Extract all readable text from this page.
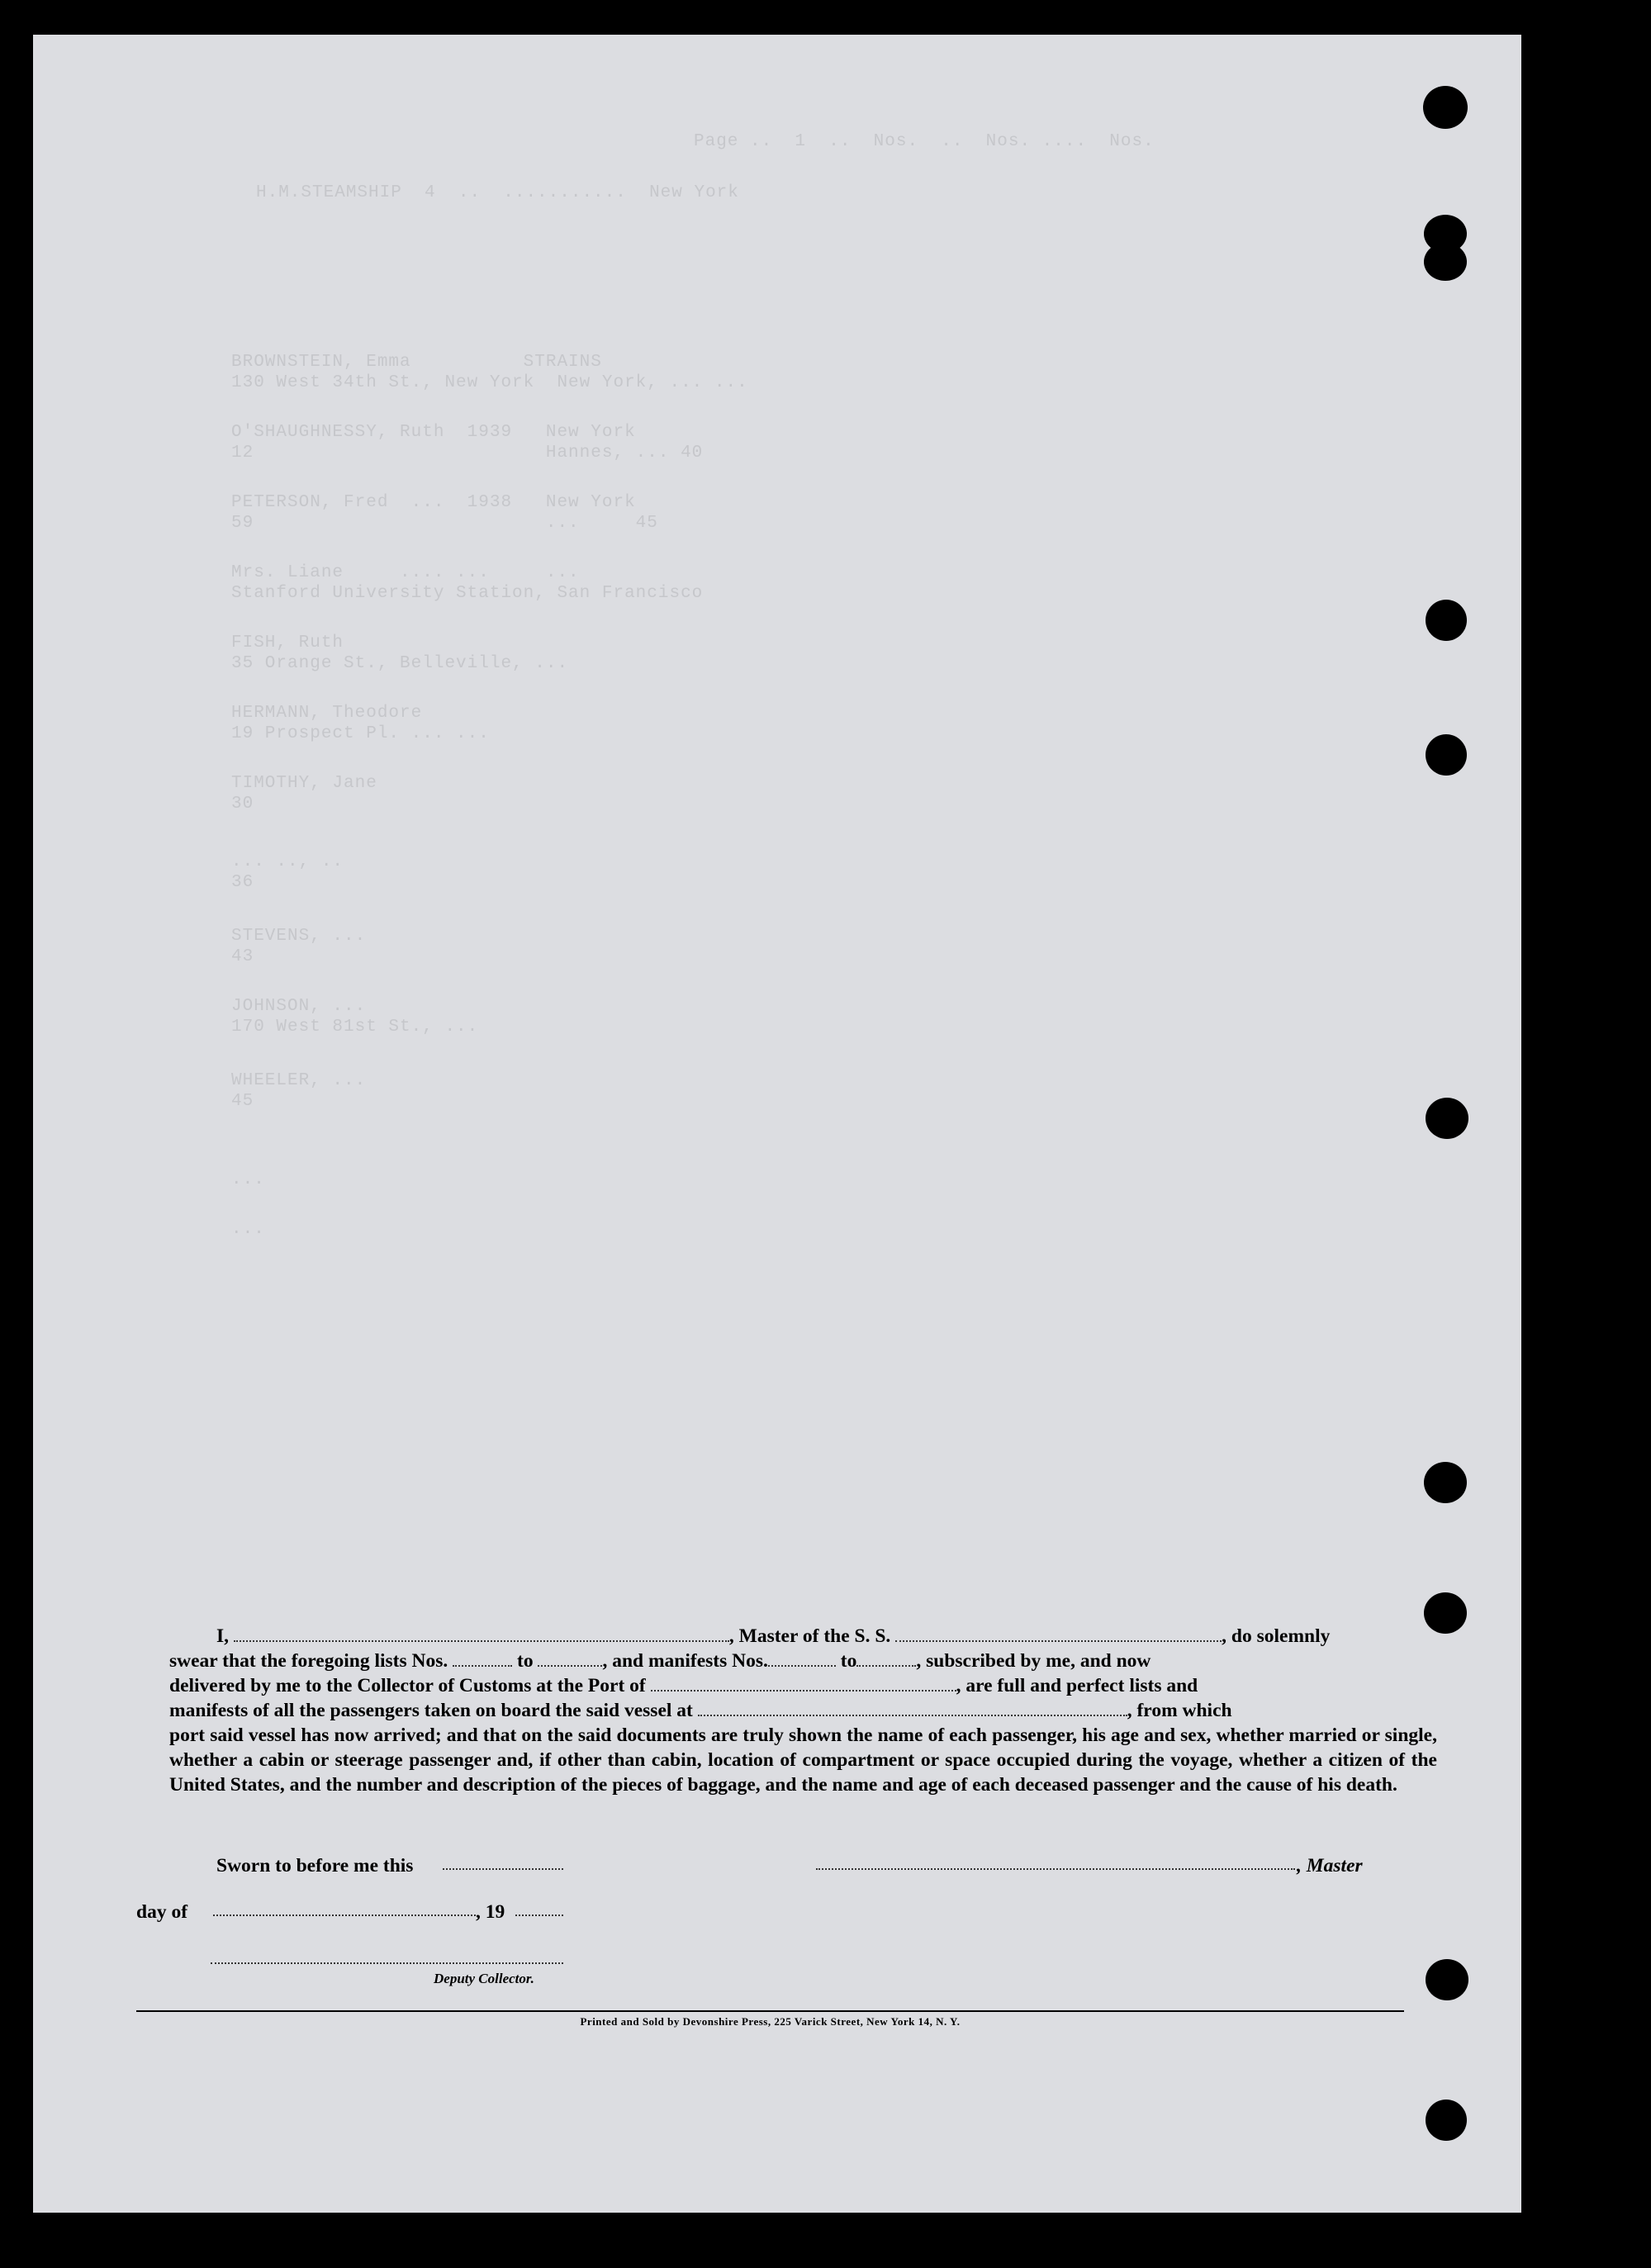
Page ..  1  ..  Nos.  ..  Nos. ....  Nos.
H.M.STEAMSHIP  4  ..  ...........  New York
BROWNSTEIN, Emma          STRAINS
130 West 34th St., New York  New York, ... ...
O'SHAUGHNESSY, Ruth  1939   New York
12                          Hannes, ... 40
PETERSON, Fred  ...  1938   New York
59                          ...     45
Mrs. Liane     .... ...     ...
Stanford University Station, San Francisco
FISH, Ruth
35 Orange St., Belleville, ...
HERMANN, Theodore
19 Prospect Pl. ... ...
TIMOTHY, Jane
30
... .., ..
36
STEVENS, ...
43
JOHNSON, ...
170 West 81st St., ...
WHEELER, ...
45
...
...
I,	, Master of the S. S.	, do solemnly
swear that the foregoing lists Nos.	to	, and manifests Nos.	to	, subscribed by me, and now
delivered by me to the Collector of Customs at the Port of	, are full and perfect lists and
manifests of all the passengers taken on board the said vessel at	, from which
port said vessel has now arrived; and that on the said documents are truly shown the name of each passenger, his age and sex, whether married or single, whether a cabin or steerage passenger and, if other than cabin, location of compartment or space occupied during the voyage, whether a citizen of the United States, and the number and description of the pieces of baggage, and the name and age of each deceased passenger and the cause of his death.
Sworn to before me this	, Master
day of	, 19
Deputy Collector.
Printed and Sold by Devonshire Press, 225 Varick Street, New York 14, N. Y.
